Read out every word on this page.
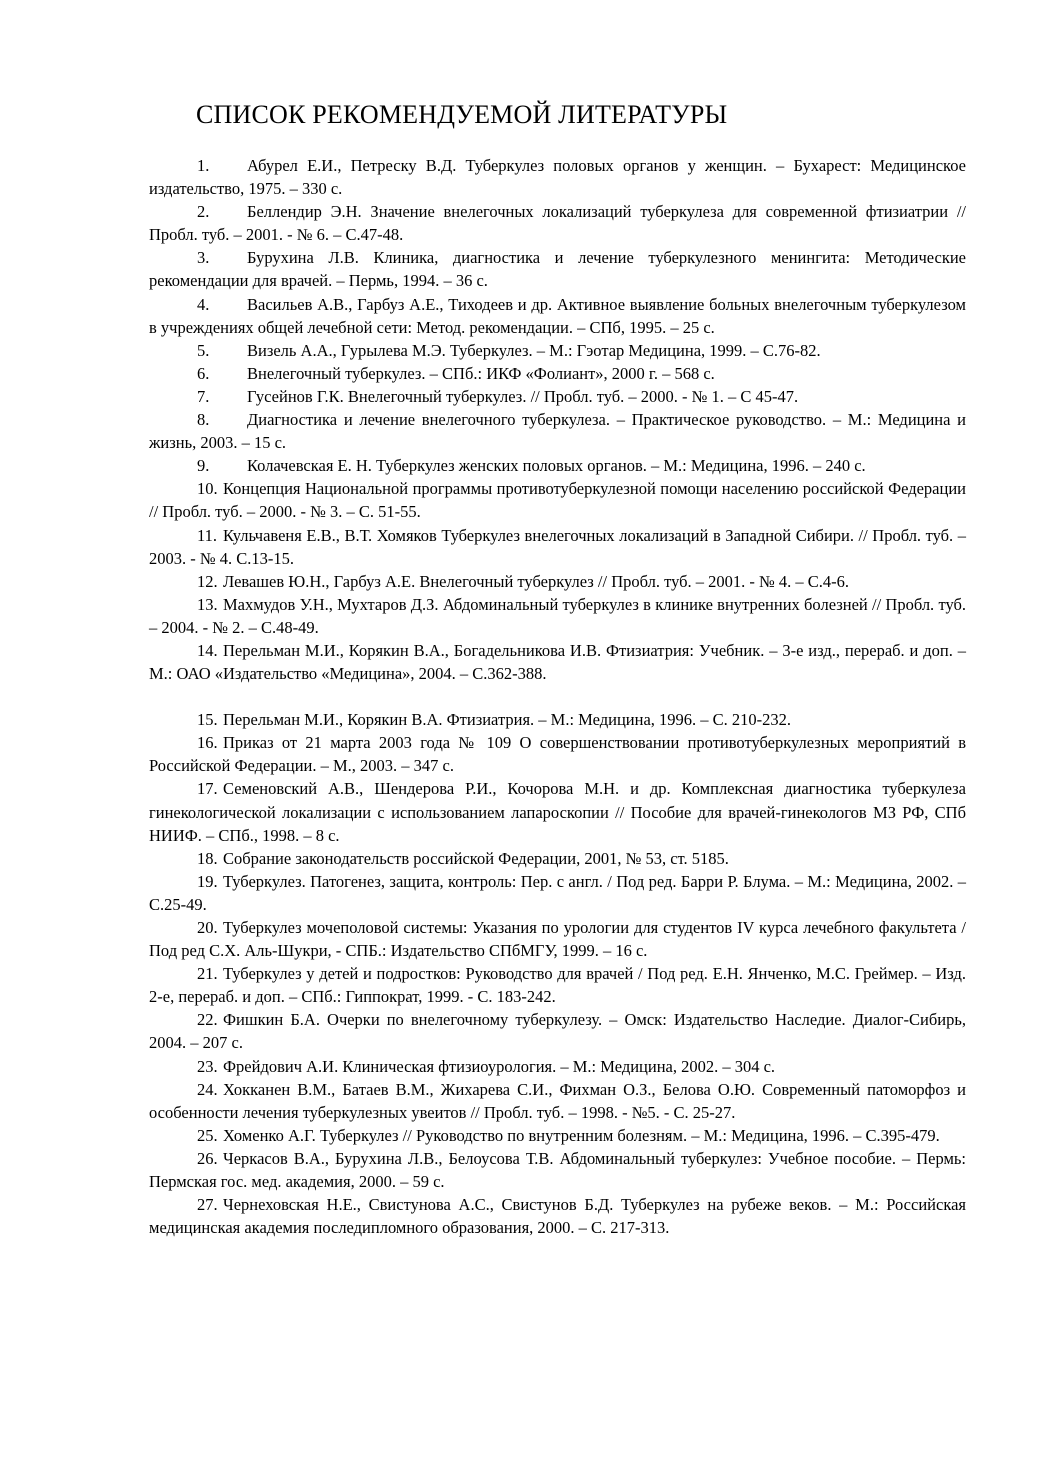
СПИСОК РЕКОМЕНДУЕМОЙ ЛИТЕРАТУРЫ

1. Абурел Е.И., Петреску В.Д. Туберкулез половых органов у женщин. – Бухарест: Медицинское издательство, 1975. – 330 с.

2. Беллендир Э.Н. Значение внелегочных локализаций туберкулеза для современной фтизиатрии // Пробл. туб. – 2001. - № 6. – С.47-48.

3. Бурухина Л.В. Клиника, диагностика и лечение туберкулезного менингита: Методические рекомендации для врачей. – Пермь, 1994. – 36 с.

4. Васильев А.В., Гарбуз А.Е., Тиходеев и др. Активное выявление больных внелегочным туберкулезом в учреждениях общей лечебной сети: Метод. рекомендации. – СПб, 1995. – 25 с.

5. Визель А.А., Гурылева М.Э. Туберкулез. – М.: Гэотар Медицина, 1999. – С.76-82.

6. Внелегочный туберкулез. – СПб.: ИКФ «Фолиант», 2000 г. – 568 с.

7. Гусейнов Г.К. Внелегочный туберкулез. // Пробл. туб. – 2000. - № 1. – С 45-47.

8. Диагностика и лечение внелегочного туберкулеза. – Практическое руководство. – М.: Медицина и жизнь, 2003. – 15 с.

9. Колачевская Е. Н. Туберкулез женских половых органов. – М.: Медицина, 1996. – 240 с.

10. Концепция Национальной программы противотуберкулезной помощи населению российской Федерации // Пробл. туб. – 2000. - № 3. – С. 51-55.

11. Кульчавеня Е.В., В.Т. Хомяков Туберкулез внелегочных локализаций в Западной Сибири. // Пробл. туб. – 2003. - № 4. С.13-15.

12. Левашев Ю.Н., Гарбуз А.Е. Внелегочный туберкулез // Пробл. туб. – 2001. - № 4. – С.4-6.

13. Махмудов У.Н., Мухтаров Д.З. Абдоминальный туберкулез в клинике внутренних болезней // Пробл. туб. – 2004. - № 2. – С.48-49.

14. Перельман М.И., Корякин В.А., Богадельникова И.В. Фтизиатрия: Учебник. – 3-е изд., перераб. и доп. – М.: ОАО «Издательство «Медицина», 2004. – С.362-388.

15. Перельман М.И., Корякин В.А. Фтизиатрия. – М.: Медицина, 1996. – С. 210-232.

16. Приказ от 21 марта 2003 года № 109 О совершенствовании противотуберкулезных мероприятий в Российской Федерации. – М., 2003. – 347 с.

17. Семеновский А.В., Шендерова Р.И., Кочорова М.Н. и др. Комплексная диагностика туберкулеза гинекологической локализации с использованием лапароскопии // Пособие для врачей-гинекологов МЗ РФ, СПб НИИФ. – СПб., 1998. – 8 с.

18. Собрание законодательств российской Федерации, 2001, № 53, ст. 5185.

19. Туберкулез. Патогенез, защита, контроль: Пер. с англ. / Под ред. Барри Р. Блума. – М.: Медицина, 2002. – С.25-49.

20. Туберкулез мочеполовой системы: Указания по урологии для студентов IV курса лечебного факультета / Под ред С.Х. Аль-Шукри, - СПБ.: Издательство СПбМГУ, 1999. – 16 с.

21. Туберкулез у детей и подростков: Руководство для врачей / Под ред. Е.Н. Янченко, М.С. Греймер. – Изд. 2-е, перераб. и доп. – СПб.: Гиппократ, 1999. - С. 183-242.

22. Фишкин Б.А. Очерки по внелегочному туберкулезу. – Омск: Издательство Наследие. Диалог-Сибирь, 2004. – 207 с.

23. Фрейдович А.И. Клиническая фтизиоурология. – М.: Медицина, 2002. – 304 с.

24. Хокканен В.М., Батаев В.М., Жихарева С.И., Фихман О.З., Белова О.Ю. Современный патоморфоз и особенности лечения туберкулезных увеитов // Пробл. туб. – 1998. - №5. - С. 25-27.

25. Хоменко А.Г. Туберкулез // Руководство по внутренним болезням. – М.: Медицина, 1996. – С.395-479.

26. Черкасов В.А., Бурухина Л.В., Белоусова Т.В. Абдоминальный туберкулез: Учебное пособие. – Пермь: Пермская гос. мед. академия, 2000. – 59 с.

27. Чернеховская Н.Е., Свистунова А.С., Свистунов Б.Д. Туберкулез на рубеже веков. – М.: Российская медицинская академия последипломного образования, 2000. – С. 217-313.
